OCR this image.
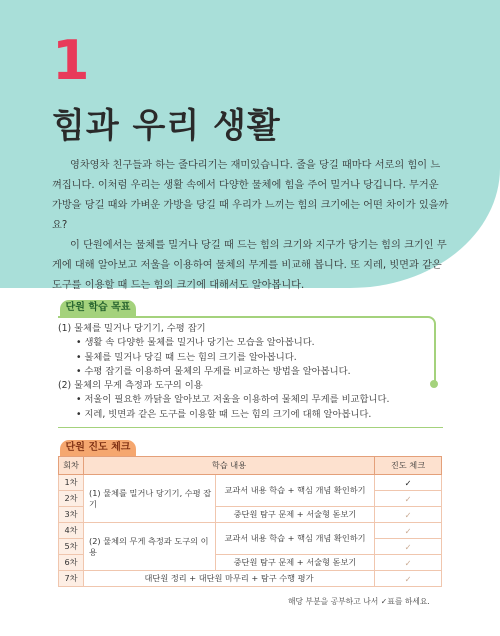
1
힘과 우리 생활

영차영차 친구들과 하는 줄다리기는 재미있습니다. 줄을 당길 때마다 서로의 힘이 느껴집니다. 이처럼 우리는 생활 속에서 다양한 물체에 힘을 주어 밀거나 당깁니다. 무거운 가방을 당길 때와 가벼운 가방을 당길 때 우리가 느끼는 힘의 크기에는 어떤 차이가 있을까요?

이 단원에서는 물체를 밀거나 당길 때 드는 힘의 크기와 지구가 당기는 힘의 크기인 무게에 대해 알아보고 저울을 이용하여 물체의 무게를 비교해 봅니다. 또 지레, 빗면과 같은 도구를 이용할 때 드는 힘의 크기에 대해서도 알아봅니다.

단원 학습 목표
(1) 물체를 밀거나 당기기, 수평 잡기
• 생활 속 다양한 물체를 밀거나 당기는 모습을 알아봅니다.
• 물체를 밀거나 당길 때 드는 힘의 크기를 알아봅니다.
• 수평 잡기를 이용하여 물체의 무게를 비교하는 방법을 알아봅니다.
(2) 물체의 무게 측정과 도구의 이용
• 저울이 필요한 까닭을 알아보고 저울을 이용하여 물체의 무게를 비교합니다.
• 지레, 빗면과 같은 도구를 이용할 때 드는 힘의 크기에 대해 알아봅니다.
단원 진도 체크
회차	학습 내용		진도 체크
1차	(1) 물체를 밀거나 당기기, 수평 잡기	교과서 내용 학습 + 핵심 개념 확인하기	✓
2차			✓
3차		중단원 탐구 문제 + 서술형 돋보기	✓
4차	(2) 물체의 무게 측정과 도구의 이용	교과서 내용 학습 + 핵심 개념 확인하기	✓
5차			✓
6차		중단원 탐구 문제 + 서술형 돋보기	✓
7차	대단원 정리 + 대단원 마무리 + 탐구 수행 평가		✓
해당 부분을 공부하고 나서 ✓표를 하세요.
